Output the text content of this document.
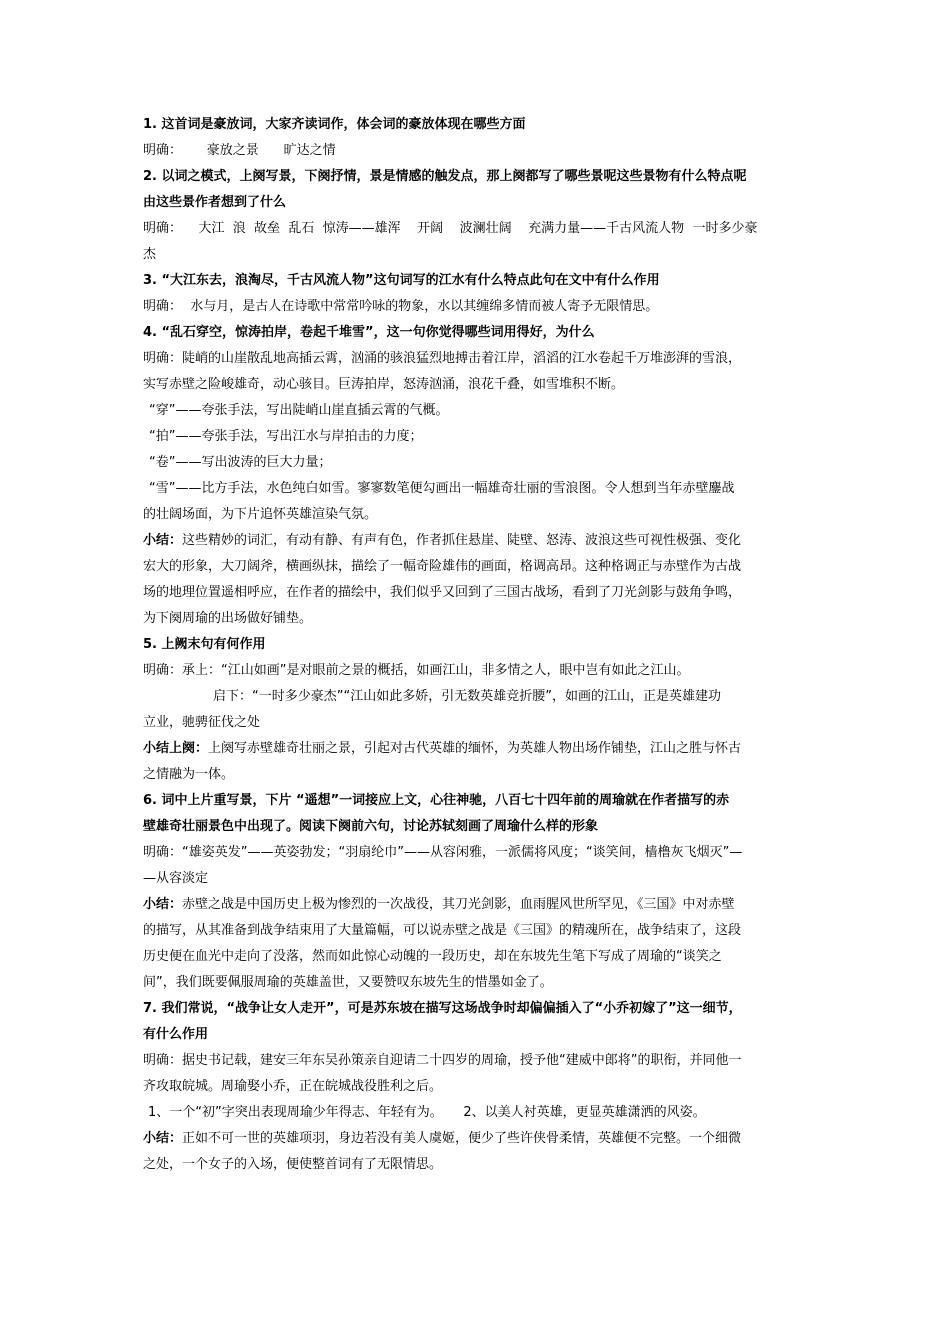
1. 这首词是豪放词，大家齐读词作，体会词的豪放体现在哪些方面
明确：      豪放之景      旷达之情
2. 以词之模式，上阕写景，下阕抒情，景是情感的触发点，那上阕都写了哪些景呢这些景物有什么特点呢
由这些景作者想到了什么
明确：    大江  浪  故垒  乱石  惊涛——雄浑    开阔    波澜壮阔    充满力量——千古风流人物  一时多少豪
杰
3. “大江东去，浪淘尽，千古风流人物”这句词写的江水有什么特点此句在文中有什么作用
明确：  水与月，是古人在诗歌中常常吟咏的物象，水以其缠绵多情而被人寄予无限情思。
4. “乱石穿空，惊涛拍岸，卷起千堆雪”，这一句你觉得哪些词用得好，为什么
明确：陡峭的山崖散乱地高插云霄，汹涌的骇浪猛烈地搏击着江岸，滔滔的江水卷起千万堆澎湃的雪浪，
实写赤壁之险峻雄奇，动心骇目。巨涛拍岸，怒涛汹涌，浪花千叠，如雪堆积不断。
“穿”——夸张手法，写出陡峭山崖直插云霄的气概。
“拍”——夸张手法，写出江水与岸拍击的力度；
“卷”——写出波涛的巨大力量；
“雪”——比方手法，水色纯白如雪。寥寥数笔便勾画出一幅雄奇壮丽的雪浪图。令人想到当年赤壁鏖战
的壮阔场面，为下片追怀英雄渲染气氛。
小结：这些精妙的词汇，有动有静、有声有色，作者抓住悬崖、陡壁、怒涛、波浪这些可视性极强、变化
宏大的形象，大刀阔斧，横画纵抹，描绘了一幅奇险雄伟的画面，格调高昂。这种格调正与赤壁作为古战
场的地理位置遥相呼应，在作者的描绘中，我们似乎又回到了三国古战场，看到了刀光剑影与鼓角争鸣，
为下阕周瑜的出场做好铺垫。
5. 上阙末句有何作用
明确：承上：“江山如画”是对眼前之景的概括，如画江山，非多情之人，眼中岂有如此之江山。
启下：“一时多少豪杰”“江山如此多娇，引无数英雄竞折腰”，如画的江山，正是英雄建功
立业，驰骋征伐之处
小结上阕：上阕写赤壁雄奇壮丽之景，引起对古代英雄的缅怀，为英雄人物出场作铺垫，江山之胜与怀古
之情融为一体。
6. 词中上片重写景，下片 “遥想”一词接应上文，心往神驰，八百七十四年前的周瑜就在作者描写的赤
壁雄奇壮丽景色中出现了。阅读下阕前六句，讨论苏轼刻画了周瑜什么样的形象
明确：“雄姿英发”——英姿勃发；“羽扇纶巾”——从容闲雅，一派儒将风度；“谈笑间，樯橹灰飞烟灭”—
—从容淡定
小结：赤壁之战是中国历史上极为惨烈的一次战役，其刀光剑影，血雨腥风世所罕见，《三国》中对赤壁
的描写，从其准备到战争结束用了大量篇幅，可以说赤壁之战是《三国》的精魂所在，战争结束了，这段
历史便在血光中走向了没落，然而如此惊心动魄的一段历史，却在东坡先生笔下写成了周瑜的“谈笑之
间”，我们既要佩服周瑜的英雄盖世，又要赞叹东坡先生的惜墨如金了。
7. 我们常说，“战争让女人走开”，可是苏东坡在描写这场战争时却偏偏插入了“小乔初嫁了”这一细节，
有什么作用
明确：据史书记载，建安三年东吴孙策亲自迎请二十四岁的周瑜，授予他“建威中郎将”的职衔，并同他一
齐攻取皖城。周瑜娶小乔，正在皖城战役胜利之后。
1、一个“初”字突出表现周瑜少年得志、年轻有为。     2、以美人衬英雄，更显英雄潇洒的风姿。
小结：正如不可一世的英雄项羽，身边若没有美人虞姬，便少了些许侠骨柔情，英雄便不完整。一个细微
之处，一个女子的入场，便使整首词有了无限情思。
